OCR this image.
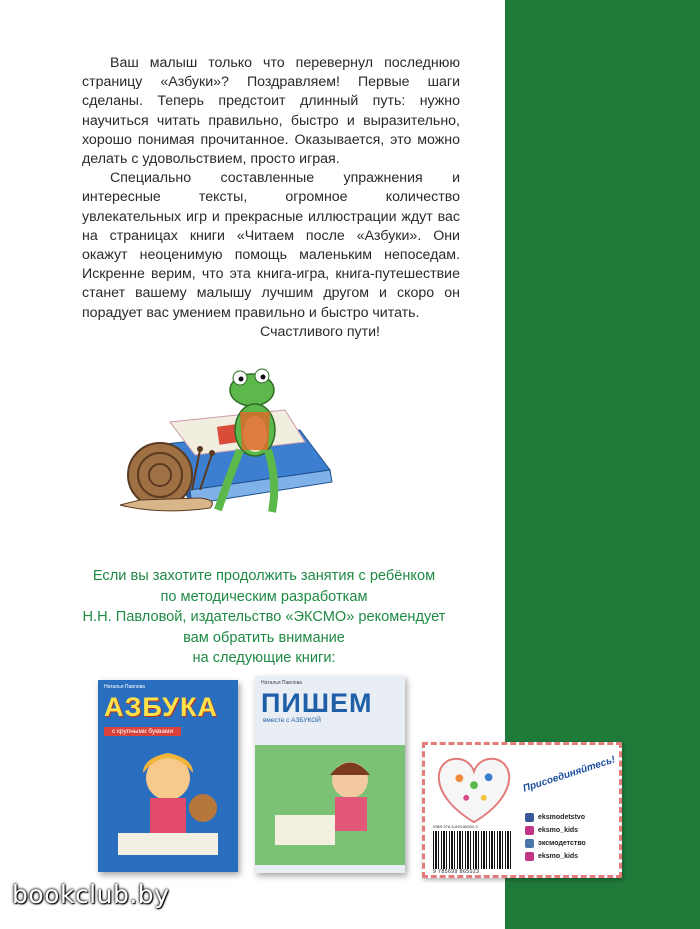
Ваш малыш только что перевернул последнюю страницу «Азбуки»? Поздравляем! Первые шаги сделаны. Теперь предстоит длинный путь: нужно научиться читать правильно, быстро и выразительно, хорошо понимая прочитанное. Оказывается, это можно делать с удовольствием, просто играя.

Специально составленные упражнения и интересные тексты, огромное количество увлекательных игр и прекрасные иллюстрации ждут вас на страницах книги «Читаем после «Азбуки». Они окажут неоценимую помощь маленьким непоседам. Искренне верим, что эта книга-игра, книга-путешествие станет вашему малышу лучшим другом и скоро он порадует вас умением правильно и быстро читать.

Счастливого пути!

Если вы захотите продолжить занятия с ребёнком
по методическим разработкам
Н.Н. Павловой, издательство «ЭКСМО» рекомендует
вам обратить внимание
на следующие книги:
Наталья Павлова
АЗБУКА
с крупными буквами
Наталья Павлова
ПИШЕМ
вместе с АЗБУКОЙ
Присоединяйтесь!
eksmodetstvo
eksmo_kids
эксмодетство
eksmo_kids
ISBN 978-5-699-86502-3
9 785699 865023
bookclub.by
